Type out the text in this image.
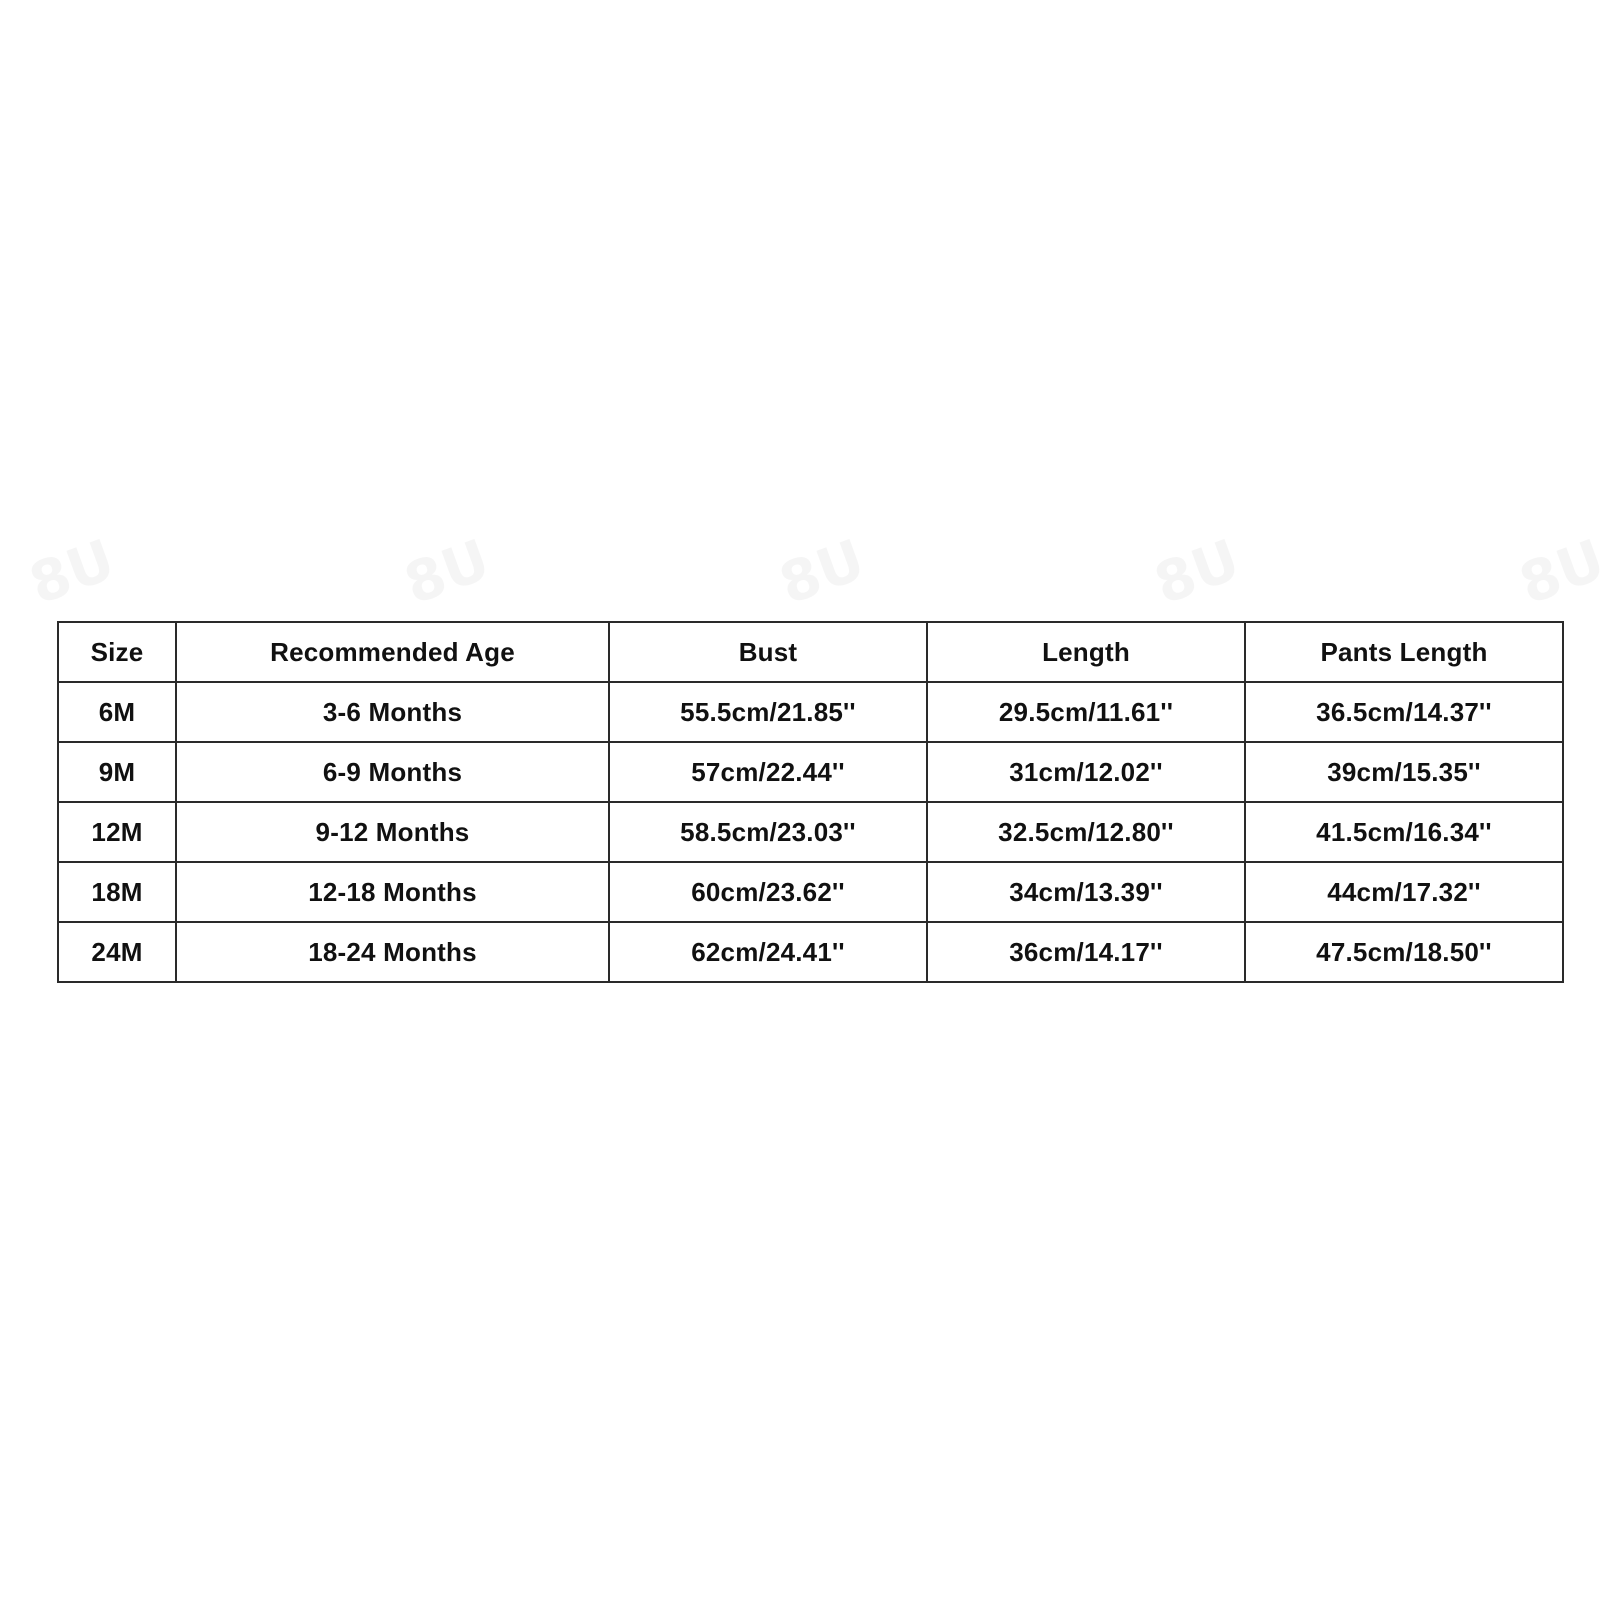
Size	Recommended Age	Bust	Length	Pants Length
6M	3-6 Months	55.5cm/21.85''	29.5cm/11.61''	36.5cm/14.37''
9M	6-9 Months	57cm/22.44''	31cm/12.02''	39cm/15.35''
12M	9-12 Months	58.5cm/23.03''	32.5cm/12.80''	41.5cm/16.34''
18M	12-18 Months	60cm/23.62''	34cm/13.39''	44cm/17.32''
24M	18-24 Months	62cm/24.41''	36cm/14.17''	47.5cm/18.50''
